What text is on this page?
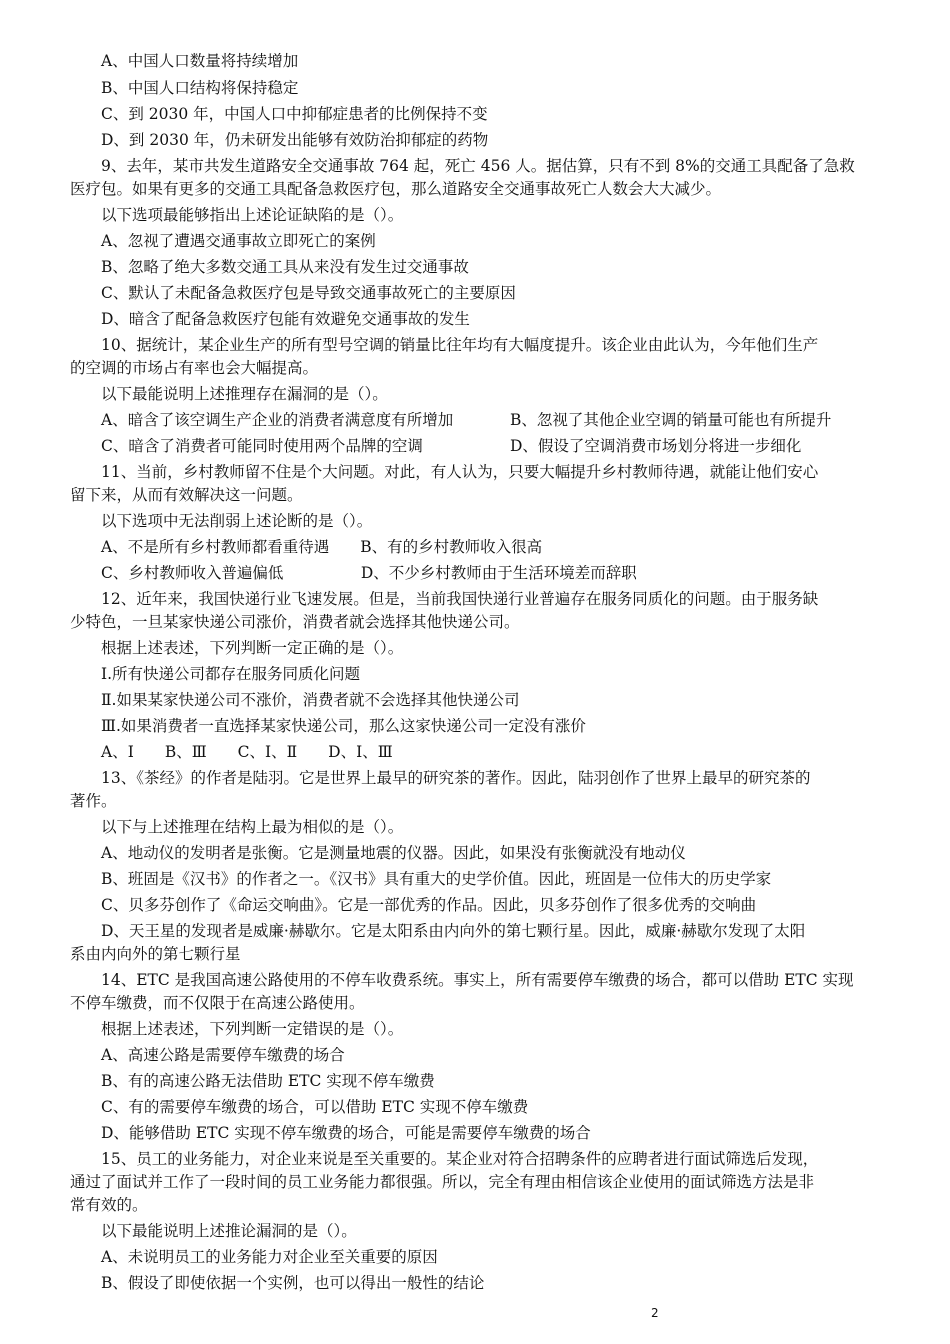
A、中国人口数量将持续增加
B、中国人口结构将保持稳定
C、到 2030 年，中国人口中抑郁症患者的比例保持不变
D、到 2030 年，仍未研发出能够有效防治抑郁症的药物
9、去年，某市共发生道路安全交通事故 764 起，死亡 456 人。据估算，只有不到 8%的交通工具配备了急救
医疗包。如果有更多的交通工具配备急救医疗包，那么道路安全交通事故死亡人数会大大减少。
以下选项最能够指出上述论证缺陷的是（）。
A、忽视了遭遇交通事故立即死亡的案例
B、忽略了绝大多数交通工具从来没有发生过交通事故
C、默认了未配备急救医疗包是导致交通事故死亡的主要原因
D、暗含了配备急救医疗包能有效避免交通事故的发生
10、据统计，某企业生产的所有型号空调的销量比往年均有大幅度提升。该企业由此认为，今年他们生产
的空调的市场占有率也会大幅提高。
以下最能说明上述推理存在漏洞的是（）。
A、暗含了该空调生产企业的消费者满意度有所增加	B、忽视了其他企业空调的销量可能也有所提升
C、暗含了消费者可能同时使用两个品牌的空调	D、假设了空调消费市场划分将进一步细化
11、当前，乡村教师留不住是个大问题。对此，有人认为，只要大幅提升乡村教师待遇，就能让他们安心
留下来，从而有效解决这一问题。
以下选项中无法削弱上述论断的是（）。
A、不是所有乡村教师都看重待遇　　B、有的乡村教师收入很高
C、乡村教师收入普遍偏低　　　　　D、不少乡村教师由于生活环境差而辞职
12、近年来，我国快递行业飞速发展。但是，当前我国快递行业普遍存在服务同质化的问题。由于服务缺
少特色，一旦某家快递公司涨价，消费者就会选择其他快递公司。
根据上述表述，下列判断一定正确的是（）。
Ⅰ.所有快递公司都存在服务同质化问题
Ⅱ.如果某家快递公司不涨价，消费者就不会选择其他快递公司
Ⅲ.如果消费者一直选择某家快递公司，那么这家快递公司一定没有涨价
A、Ⅰ　　B、Ⅲ　　C、Ⅰ、Ⅱ　　D、Ⅰ、Ⅲ
13、《茶经》的作者是陆羽。它是世界上最早的研究茶的著作。因此，陆羽创作了世界上最早的研究茶的
著作。
以下与上述推理在结构上最为相似的是（）。
A、地动仪的发明者是张衡。它是测量地震的仪器。因此，如果没有张衡就没有地动仪
B、班固是《汉书》的作者之一。《汉书》具有重大的史学价值。因此，班固是一位伟大的历史学家
C、贝多芬创作了《命运交响曲》。它是一部优秀的作品。因此，贝多芬创作了很多优秀的交响曲
D、天王星的发现者是威廉·赫歇尔。它是太阳系由内向外的第七颗行星。因此，威廉·赫歇尔发现了太阳
系由内向外的第七颗行星
14、ETC 是我国高速公路使用的不停车收费系统。事实上，所有需要停车缴费的场合，都可以借助 ETC 实现
不停车缴费，而不仅限于在高速公路使用。
根据上述表述，下列判断一定错误的是（）。
A、高速公路是需要停车缴费的场合
B、有的高速公路无法借助 ETC 实现不停车缴费
C、有的需要停车缴费的场合，可以借助 ETC 实现不停车缴费
D、能够借助 ETC 实现不停车缴费的场合，可能是需要停车缴费的场合
15、员工的业务能力，对企业来说是至关重要的。某企业对符合招聘条件的应聘者进行面试筛选后发现，
通过了面试并工作了一段时间的员工业务能力都很强。所以，完全有理由相信该企业使用的面试筛选方法是非
常有效的。
以下最能说明上述推论漏洞的是（）。
A、未说明员工的业务能力对企业至关重要的原因
B、假设了即使依据一个实例，也可以得出一般性的结论
2
